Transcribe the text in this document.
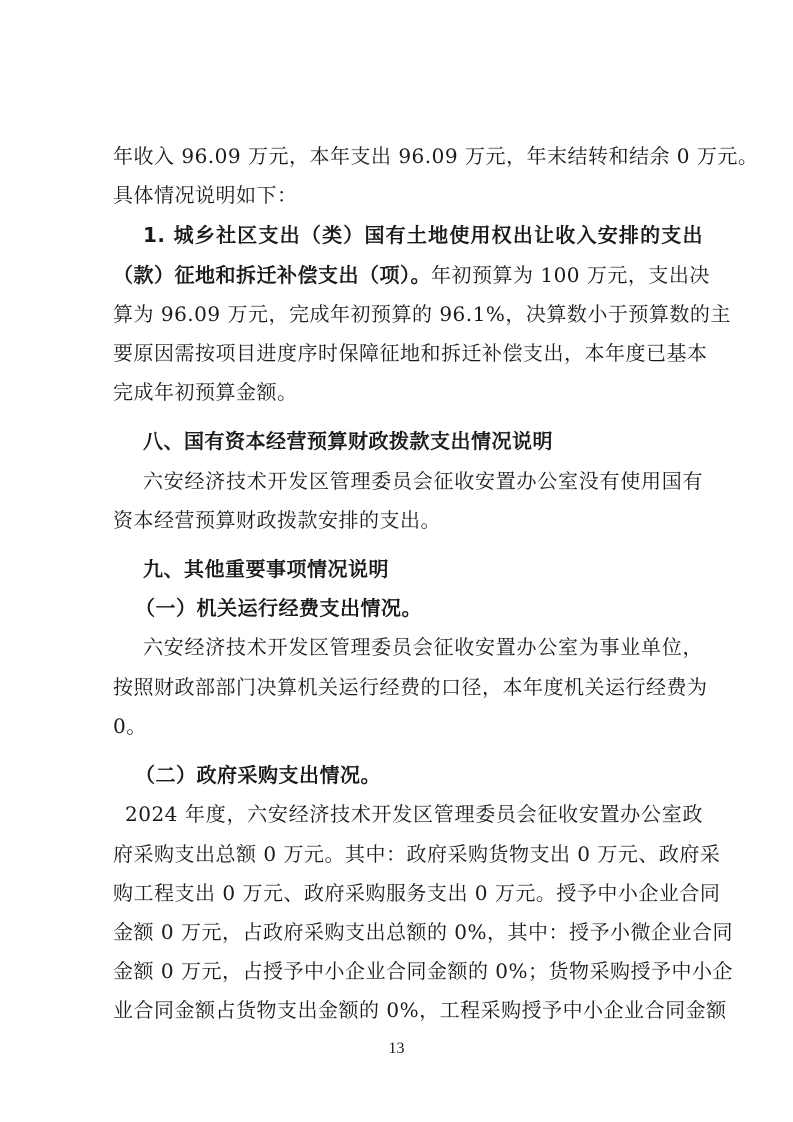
年收入 96.09 万元，本年支出 96.09 万元，年末结转和结余 0 万元。
具体情况说明如下：
1. 城乡社区支出（类）国有土地使用权出让收入安排的支出
（款）征地和拆迁补偿支出（项）。年初预算为 100 万元，支出决
算为 96.09 万元，完成年初预算的 96.1%，决算数小于预算数的主
要原因需按项目进度序时保障征地和拆迁补偿支出，本年度已基本
完成年初预算金额。
八、国有资本经营预算财政拨款支出情况说明
六安经济技术开发区管理委员会征收安置办公室没有使用国有
资本经营预算财政拨款安排的支出。
九、其他重要事项情况说明
（一）机关运行经费支出情况。
六安经济技术开发区管理委员会征收安置办公室为事业单位，
按照财政部部门决算机关运行经费的口径，本年度机关运行经费为
0。
（二）政府采购支出情况。
2024 年度，六安经济技术开发区管理委员会征收安置办公室政
府采购支出总额 0 万元。其中：政府采购货物支出 0 万元、政府采
购工程支出 0 万元、政府采购服务支出 0 万元。授予中小企业合同
金额 0 万元，占政府采购支出总额的 0%，其中：授予小微企业合同
金额 0 万元，占授予中小企业合同金额的 0%；货物采购授予中小企
业合同金额占货物支出金额的 0%，工程采购授予中小企业合同金额
13
